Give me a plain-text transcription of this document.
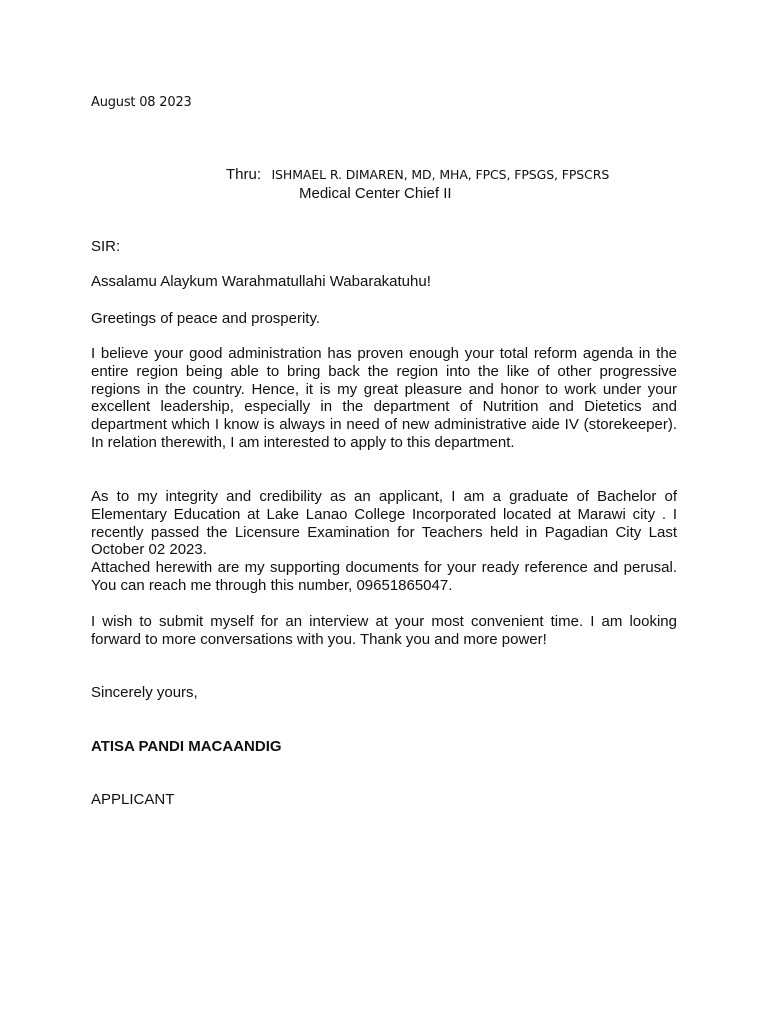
August 08 2023
Thru: ISHMAEL R. DIMAREN, MD, MHA, FPCS, FPSGS, FPSCRS
Medical Center Chief II
SIR:

Assalamu Alaykum Warahmatullahi Wabarakatuhu!

Greetings of peace and prosperity.

I believe your good administration has proven enough your total reform agenda in the entire region being able to bring back the region into the like of other progressive regions in the country. Hence, it is my great pleasure and honor to work under your excellent leadership, especially in the department of Nutrition and Dietetics and department which I know is always in need of new administrative aide IV (storekeeper). In relation therewith, I am interested to apply to this department.

As to my integrity and credibility as an applicant, I am a graduate of Bachelor of Elementary Education at Lake Lanao College Incorporated located at Marawi city . I recently passed the Licensure Examination for Teachers held in Pagadian City Last October 02 2023.

Attached herewith are my supporting documents for your ready reference and perusal. You can reach me through this number, 09651865047.

I wish to submit myself for an interview at your most convenient time. I am looking forward to more conversations with you. Thank you and more power!

Sincerely yours,
ATISA PANDI MACAANDIG
APPLICANT
